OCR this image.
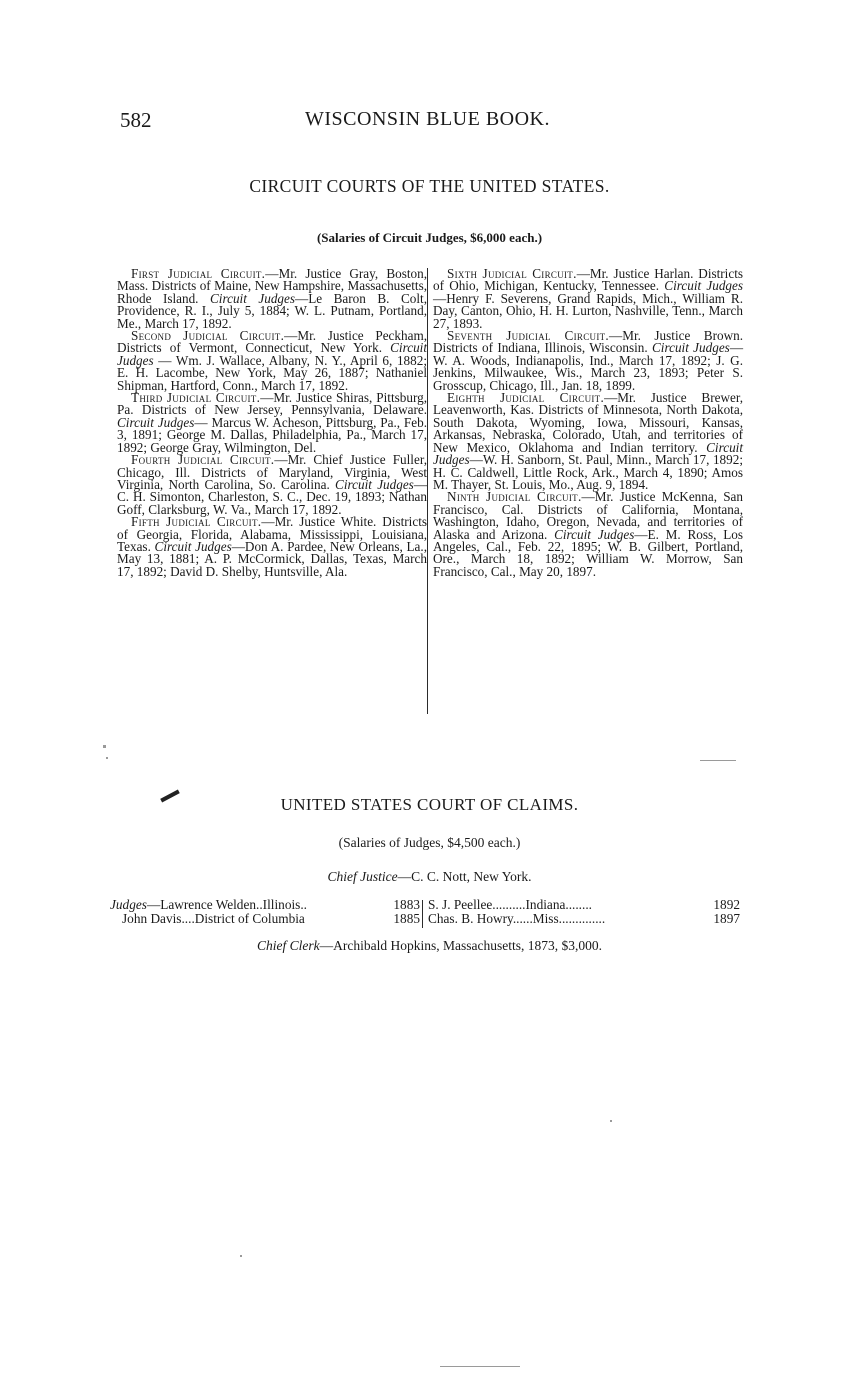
582	WISCONSIN BLUE BOOK.
CIRCUIT COURTS OF THE UNITED STATES.
(Salaries of Circuit Judges, $6,000 each.)

First Judicial Circuit.—Mr. Justice Gray, Boston, Mass. Districts of Maine, New Hampshire, Massachusetts, Rhode Island. Circuit Judges—Le Baron B. Colt, Providence, R. I., July 5, 1884; W. L. Putnam, Portland, Me., March 17, 1892.

Second Judicial Circuit.—Mr. Justice Peckham, Districts of Vermont, Connecticut, New York. Circuit Judges — Wm. J. Wallace, Albany, N. Y., April 6, 1882; E. H. Lacombe, New York, May 26, 1887; Nathaniel Shipman, Hartford, Conn., March 17, 1892.

Third Judicial Circuit.—Mr. Justice Shiras, Pittsburg, Pa. Districts of New Jersey, Pennsylvania, Delaware. Circuit Judges— Marcus W. Acheson, Pittsburg, Pa., Feb. 3, 1891; George M. Dallas, Philadelphia, Pa., March 17, 1892; George Gray, Wilmington, Del.

Fourth Judicial Circuit.—Mr. Chief Justice Fuller, Chicago, Ill. Districts of Maryland, Virginia, West Virginia, North Carolina, So. Carolina. Circuit Judges— C. H. Simonton, Charleston, S. C., Dec. 19, 1893; Nathan Goff, Clarksburg, W. Va., March 17, 1892.

Fifth Judicial Circuit.—Mr. Justice White. Districts of Georgia, Florida, Alabama, Mississippi, Louisiana, Texas. Circuit Judges—Don A. Pardee, New Orleans, La., May 13, 1881; A. P. McCormick, Dallas, Texas, March 17, 1892; David D. Shelby, Huntsville, Ala.

Sixth Judicial Circuit.—Mr. Justice Harlan. Districts of Ohio, Michigan, Kentucky, Tennessee. Circuit Judges—Henry F. Severens, Grand Rapids, Mich., William R. Day, Canton, Ohio, H. H. Lurton, Nashville, Tenn., March 27, 1893.

Seventh Judicial Circuit.—Mr. Justice Brown. Districts of Indiana, Illinois, Wisconsin. Circuit Judges—W. A. Woods, Indianapolis, Ind., March 17, 1892; J. G. Jenkins, Milwaukee, Wis., March 23, 1893; Peter S. Grosscup, Chicago, Ill., Jan. 18, 1899.

Eighth Judicial Circuit.—Mr. Justice Brewer, Leavenworth, Kas. Districts of Minnesota, North Dakota, South Dakota, Wyoming, Iowa, Missouri, Kansas, Arkansas, Nebraska, Colorado, Utah, and territories of New Mexico, Oklahoma and Indian territory. Circuit Judges—W. H. Sanborn, St. Paul, Minn., March 17, 1892; H. C. Caldwell, Little Rock, Ark., March 4, 1890; Amos M. Thayer, St. Louis, Mo., Aug. 9, 1894.

Ninth Judicial Circuit.—Mr. Justice McKenna, San Francisco, Cal. Districts of California, Montana, Washington, Idaho, Oregon, Nevada, and territories of Alaska and Arizona. Circuit Judges—E. M. Ross, Los Angeles, Cal., Feb. 22, 1895; W. B. Gilbert, Portland, Ore., March 18, 1892; William W. Morrow, San Francisco, Cal., May 20, 1897.

UNITED STATES COURT OF CLAIMS.
(Salaries of Judges, $4,500 each.)
Chief Justice—C. C. Nott, New York.
Judges—Lawrence Welden..Illinois..	1883
John Davis....District of Columbia	1885
S. J. Peellee..........Indiana........	1892
Chas. B. Howry......Miss..............	1897
Chief Clerk—Archibald Hopkins, Massachusetts, 1873, $3,000.
